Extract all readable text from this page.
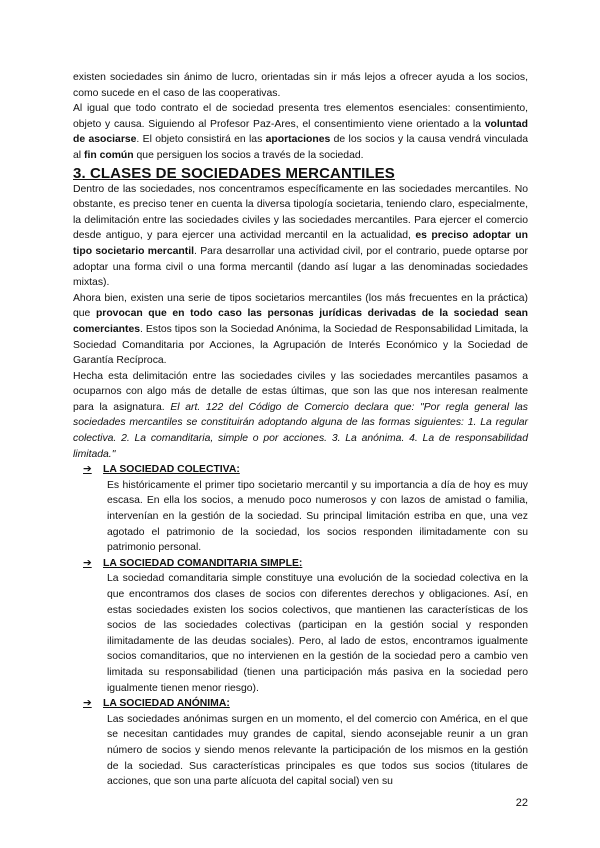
existen sociedades sin ánimo de lucro, orientadas sin ir más lejos a ofrecer ayuda a los socios, como sucede en el caso de las cooperativas.

Al igual que todo contrato el de sociedad presenta tres elementos esenciales: consentimiento, objeto y causa. Siguiendo al Profesor Paz-Ares, el consentimiento viene orientado a la voluntad de asociarse. El objeto consistirá en las aportaciones de los socios y la causa vendrá vinculada al fin común que persiguen los socios a través de la sociedad.

3. CLASES DE SOCIEDADES MERCANTILES

Dentro de las sociedades, nos concentramos específicamente en las sociedades mercantiles. No obstante, es preciso tener en cuenta la diversa tipología societaria, teniendo claro, especialmente, la delimitación entre las sociedades civiles y las sociedades mercantiles. Para ejercer el comercio desde antiguo, y para ejercer una actividad mercantil en la actualidad, es preciso adoptar un tipo societario mercantil. Para desarrollar una actividad civil, por el contrario, puede optarse por adoptar una forma civil o una forma mercantil (dando así lugar a las denominadas sociedades mixtas).

Ahora bien, existen una serie de tipos societarios mercantiles (los más frecuentes en la práctica) que provocan que en todo caso las personas jurídicas derivadas de la sociedad sean comerciantes. Estos tipos son la Sociedad Anónima, la Sociedad de Responsabilidad Limitada, la Sociedad Comanditaria por Acciones, la Agrupación de Interés Económico y la Sociedad de Garantía Recíproca.

Hecha esta delimitación entre las sociedades civiles y las sociedades mercantiles pasamos a ocuparnos con algo más de detalle de estas últimas, que son las que nos interesan realmente para la asignatura. El art. 122 del Código de Comercio declara que: "Por regla general las sociedades mercantiles se constituirán adoptando alguna de las formas siguientes: 1. La regular colectiva. 2. La comanditaria, simple o por acciones. 3. La anónima. 4. La de responsabilidad limitada."

➔	LA SOCIEDAD COLECTIVA:

Es históricamente el primer tipo societario mercantil y su importancia a día de hoy es muy escasa. En ella los socios, a menudo poco numerosos y con lazos de amistad o familia, intervenían en la gestión de la sociedad. Su principal limitación estriba en que, una vez agotado el patrimonio de la sociedad, los socios responden ilimitadamente con su patrimonio personal.

➔	LA SOCIEDAD COMANDITARIA SIMPLE:

La sociedad comanditaria simple constituye una evolución de la sociedad colectiva en la que encontramos dos clases de socios con diferentes derechos y obligaciones. Así, en estas sociedades existen los socios colectivos, que mantienen las características de los socios de las sociedades colectivas (participan en la gestión social y responden ilimitadamente de las deudas sociales). Pero, al lado de estos, encontramos igualmente socios comanditarios, que no intervienen en la gestión de la sociedad pero a cambio ven limitada su responsabilidad (tienen una participación más pasiva en la sociedad pero igualmente tienen menor riesgo).

➔	LA SOCIEDAD ANÓNIMA:

Las sociedades anónimas surgen en un momento, el del comercio con América, en el que se necesitan cantidades muy grandes de capital, siendo aconsejable reunir a un gran número de socios y siendo menos relevante la participación de los mismos en la gestión de la sociedad. Sus características principales es que todos sus socios (titulares de acciones, que son una parte alícuota del capital social) ven su

22
